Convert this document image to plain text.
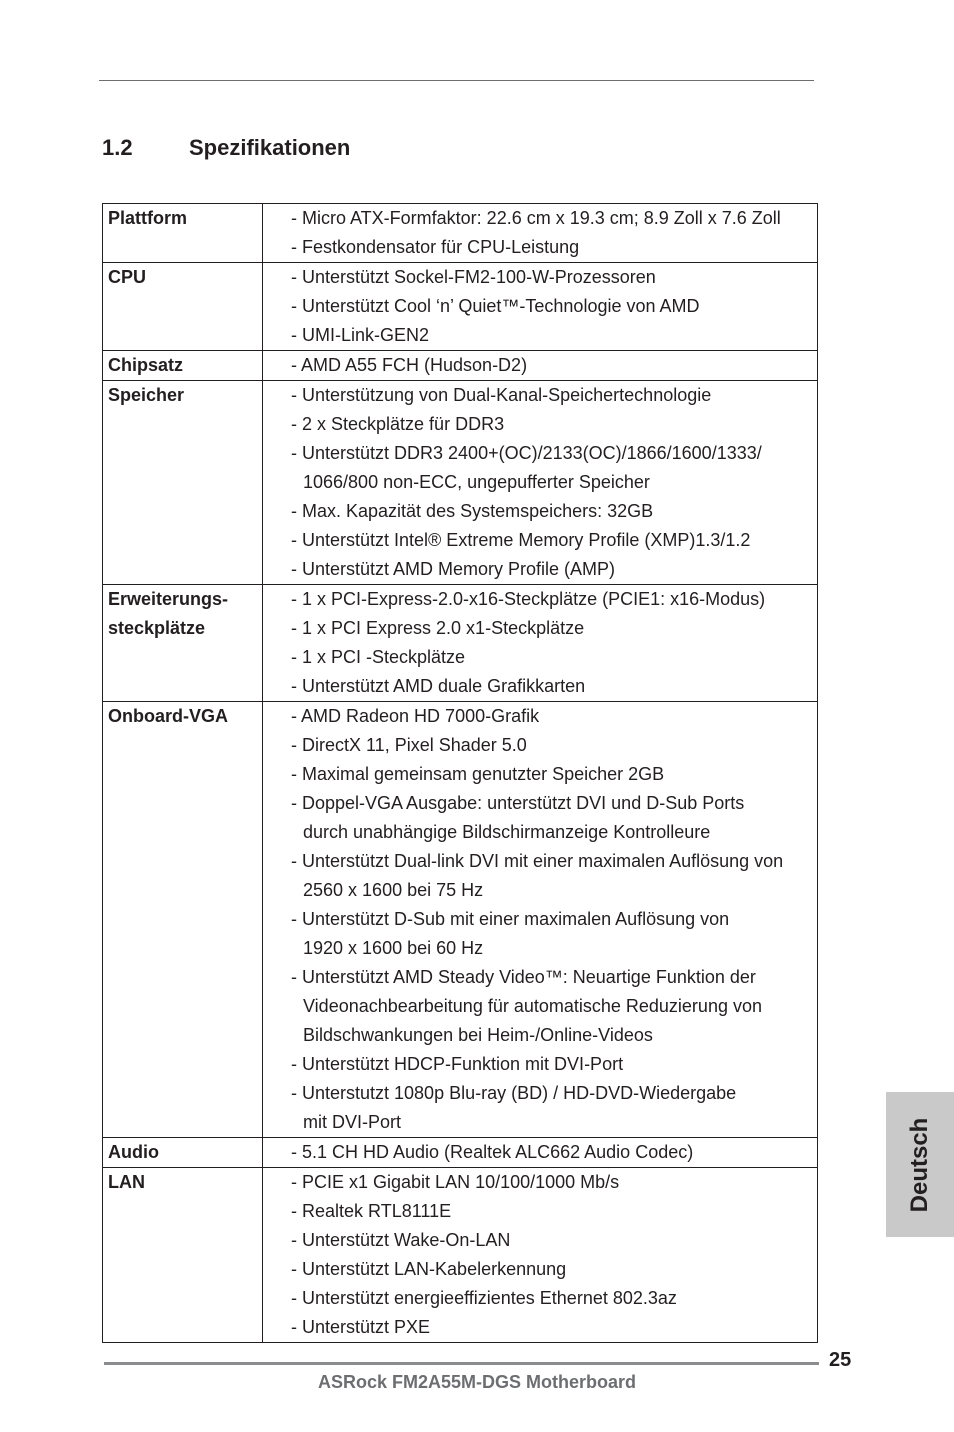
1.2	Spezifikationen
Plattform	- Micro ATX-Formfaktor: 22.6 cm x 19.3 cm; 8.9 Zoll x 7.6 Zoll
- Festkondensator für CPU-Leistung
CPU	- Unterstützt Sockel-FM2-100-W-Prozessoren
- Unterstützt Cool ‘n’ Quiet™-Technologie von AMD
- UMI-Link-GEN2
Chipsatz	- AMD A55 FCH (Hudson-D2)
Speicher	- Unterstützung von Dual-Kanal-Speichertechnologie
- 2 x Steckplätze für DDR3
- Unterstützt DDR3 2400+(OC)/2133(OC)/1866/1600/1333/
1066/800 non-ECC, ungepufferter Speicher
- Max. Kapazität des Systemspeichers: 32GB
- Unterstützt Intel® Extreme Memory Profile (XMP)1.3/1.2
- Unterstützt AMD Memory Profile (AMP)
Erweiterungs-
steckplätze
- 1 x PCI-Express-2.0-x16-Steckplätze (PCIE1: x16-Modus)
- 1 x PCI Express 2.0 x1-Steckplätze
- 1 x PCI -Steckplätze
- Unterstützt AMD duale Grafikkarten
Onboard-VGA	- AMD Radeon HD 7000-Grafik
- DirectX 11, Pixel Shader 5.0
- Maximal gemeinsam genutzter Speicher 2GB
- Doppel-VGA Ausgabe: unterstützt DVI und D-Sub Ports
durch unabhängige Bildschirmanzeige Kontrolleure
- Unterstützt Dual-link DVI mit einer maximalen Auflösung von
2560 x 1600 bei 75 Hz
- Unterstützt D-Sub mit einer maximalen Auflösung von
1920 x 1600 bei 60 Hz
- Unterstützt AMD Steady Video™: Neuartige Funktion der
Videonachbearbeitung für automatische Reduzierung von
Bildschwankungen bei Heim-/Online-Videos
- Unterstützt HDCP-Funktion mit DVI-Port
- Unterstutzt 1080p Blu-ray (BD) / HD-DVD-Wiedergabe
mit DVI-Port
Audio	- 5.1 CH HD Audio (Realtek ALC662 Audio Codec)
LAN	- PCIE x1 Gigabit LAN 10/100/1000 Mb/s
- Realtek RTL8111E
- Unterstützt Wake-On-LAN
- Unterstützt LAN-Kabelerkennung
- Unterstützt energieeffizientes Ethernet 802.3az
- Unterstützt PXE
Deutsch
25
ASRock FM2A55M-DGS Motherboard
